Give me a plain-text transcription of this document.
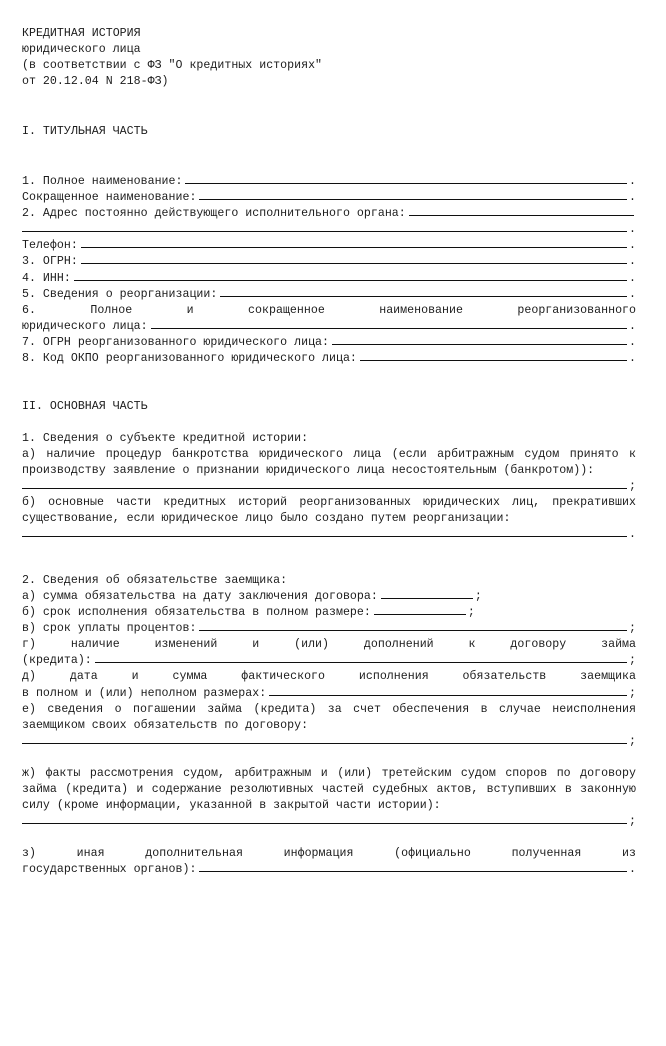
КРЕДИТНАЯ ИСТОРИЯ
юридического лица
(в соответствии с ФЗ "О кредитных историях"
от 20.12.04 N 218-ФЗ)
I. ТИТУЛЬНАЯ ЧАСТЬ
1. Полное наименование:	.
Сокращенное наименование:	.
2. Адрес постоянно действующего исполнительного органа:
.
Телефон:	.
3. ОГРН:	.
4. ИНН:	.
5. Сведения о реорганизации:	.
6. Полное и сокращенное наименование реорганизованного
юридического лица:	.
7. ОГРН реорганизованного юридического лица:	.
8. Код ОКПО реорганизованного юридического лица:	.
II. ОСНОВНАЯ ЧАСТЬ
1. Сведения о субъекте кредитной истории:
а) наличие процедур банкротства юридического лица (если арбитражным судом принято к производству заявление о признании юридического лица несостоятельным (банкротом)):
;
б) основные части кредитных историй реорганизованных юридических лиц, прекративших существование, если юридическое лицо было создано путем реорганизации:
.
2. Сведения об обязательстве заемщика:
а) сумма обязательства на дату заключения договора:	;
б) срок исполнения обязательства в полном размере:	;
в) срок уплаты процентов:	;
г) наличие изменений и (или) дополнений к договору займа
(кредита):	;
д) дата и сумма фактического исполнения обязательств заемщика
в полном и (или) неполном размерах:	;
е) сведения о погашении займа (кредита) за счет обеспечения в случае неисполнения заемщиком своих обязательств по договору:
;
ж) факты рассмотрения судом, арбитражным и (или) третейским судом споров по договору займа (кредита) и содержание резолютивных частей судебных актов, вступивших в законную силу (кроме информации, указанной в закрытой части истории):
;
з) иная дополнительная информация (официально полученная из
государственных органов):	.
